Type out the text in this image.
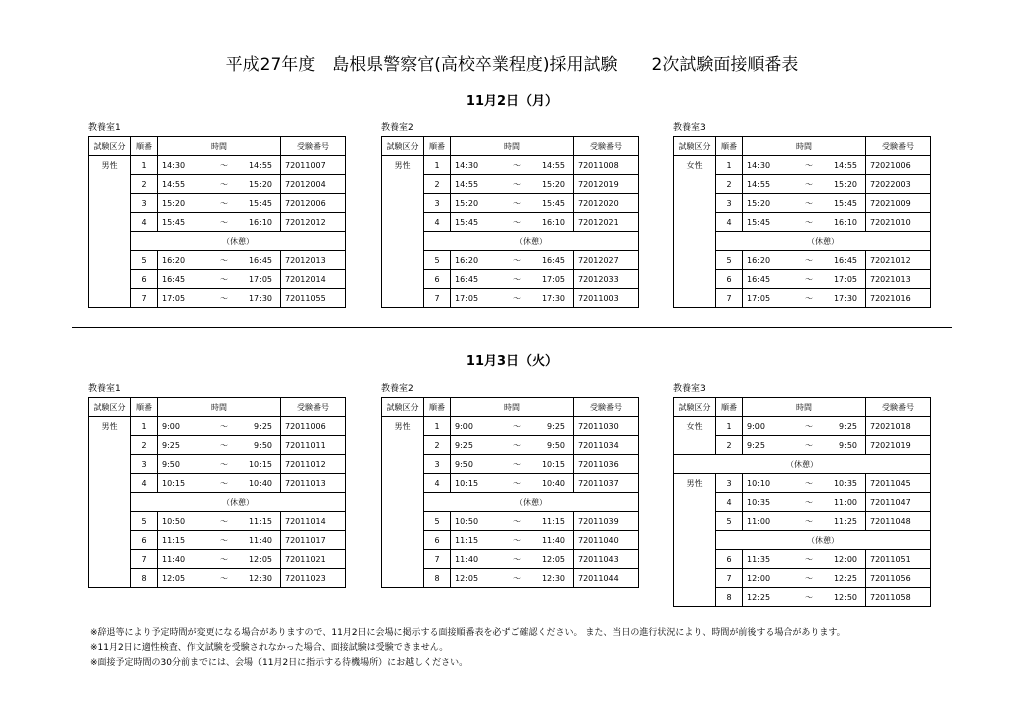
平成27年度　島根県警察官(高校卒業程度)採用試験　　2次試験面接順番表
11月2日（月）
11月3日（火）
教養室1
試験区分	順番	時間	受験番号
男性	1	14:30 ～ 14:55	72011007
	2	14:55 ～ 15:20	72012004
	3	15:20 ～ 15:45	72012006
	4	15:45 ～ 16:10	72012012
	（休憩）		
	5	16:20 ～ 16:45	72012013
	6	16:45 ～ 17:05	72012014
	7	17:05 ～ 17:30	72011055
教養室2
試験区分	順番	時間	受験番号
男性	1	14:30 ～ 14:55	72011008
	2	14:55 ～ 15:20	72012019
	3	15:20 ～ 15:45	72012020
	4	15:45 ～ 16:10	72012021
	（休憩）		
	5	16:20 ～ 16:45	72012027
	6	16:45 ～ 17:05	72012033
	7	17:05 ～ 17:30	72011003
教養室3
試験区分	順番	時間	受験番号
女性	1	14:30 ～ 14:55	72021006
	2	14:55 ～ 15:20	72022003
	3	15:20 ～ 15:45	72021009
	4	15:45 ～ 16:10	72021010
	（休憩）		
	5	16:20 ～ 16:45	72021012
	6	16:45 ～ 17:05	72021013
	7	17:05 ～ 17:30	72021016
教養室1
試験区分	順番	時間	受験番号
男性	1	9:00 ～ 9:25	72011006
	2	9:25 ～ 9:50	72011011
	3	9:50 ～ 10:15	72011012
	4	10:15 ～ 10:40	72011013
	（休憩）		
	5	10:50 ～ 11:15	72011014
	6	11:15 ～ 11:40	72011017
	7	11:40 ～ 12:05	72011021
	8	12:05 ～ 12:30	72011023
教養室2
試験区分	順番	時間	受験番号
男性	1	9:00 ～ 9:25	72011030
	2	9:25 ～ 9:50	72011034
	3	9:50 ～ 10:15	72011036
	4	10:15 ～ 10:40	72011037
	（休憩）		
	5	10:50 ～ 11:15	72011039
	6	11:15 ～ 11:40	72011040
	7	11:40 ～ 12:05	72011043
	8	12:05 ～ 12:30	72011044
教養室3
試験区分	順番	時間	受験番号
女性	1	9:00 ～ 9:25	72021018
	2	9:25 ～ 9:50	72021019
（休憩）			
男性	3	10:10 ～ 10:35	72011045
	4	10:35 ～ 11:00	72011047
	5	11:00 ～ 11:25	72011048
	（休憩）		
	6	11:35 ～ 12:00	72011051
	7	12:00 ～ 12:25	72011056
	8	12:25 ～ 12:50	72011058
※辞退等により予定時間が変更になる場合がありますので、11月2日に会場に掲示する面接順番表を必ずご確認ください。 また、当日の進行状況により、時間が前後する場合があります。
※11月2日に適性検査、作文試験を受験されなかった場合、面接試験は受験できません。
※面接予定時間の30分前までには、会場（11月2日に指示する待機場所）にお越しください。
